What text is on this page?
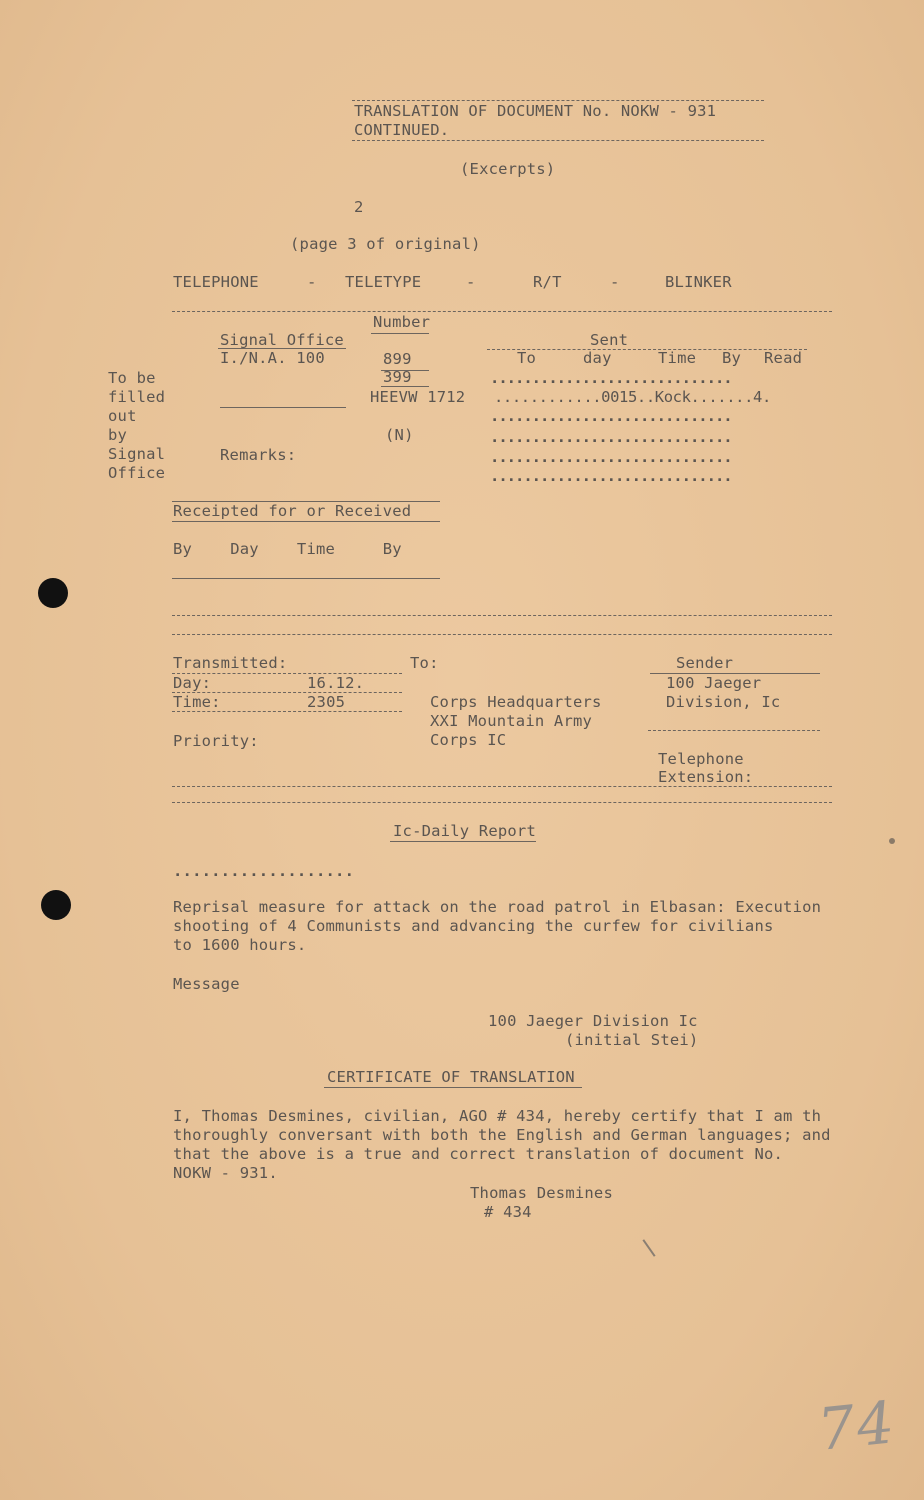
TRANSLATION OF DOCUMENT No. NOKW - 931
CONTINUED.
(Excerpts)
2
(page 3 of original)
TELEPHONE	- TELETYPE	-	R/T	-	BLINKER
Number
Signal Office
I./N.A. 100	899
399
HEEVW 1712
(N)
Remarks:
To be
filled
out
by
Signal
Office
Sent
To	day	Time By Read
.............................
............0015..Kock.......4.
.............................
.............................
.............................
.............................
Receipted for or Received
By    Day    Time     By
Transmitted:
Day:	16.12.
Time:	2305
Priority:
To:
Corps Headquarters
XXI Mountain Army
Corps IC
Sender
100 Jaeger
Division, Ic
Telephone
Extension:
Ic-Daily Report
...................
Reprisal measure for attack on the road patrol in Elbasan: Execution
shooting of 4 Communists and advancing the curfew for civilians
to 1600 hours.
Message
100 Jaeger Division Ic
(initial Stei)
CERTIFICATE OF TRANSLATION
I, Thomas Desmines, civilian, AGO # 434, hereby certify that I am th
thoroughly conversant with both the English and German languages; and
that the above is a true and correct translation of document No.
NOKW - 931.
Thomas Desmines
# 434
74
